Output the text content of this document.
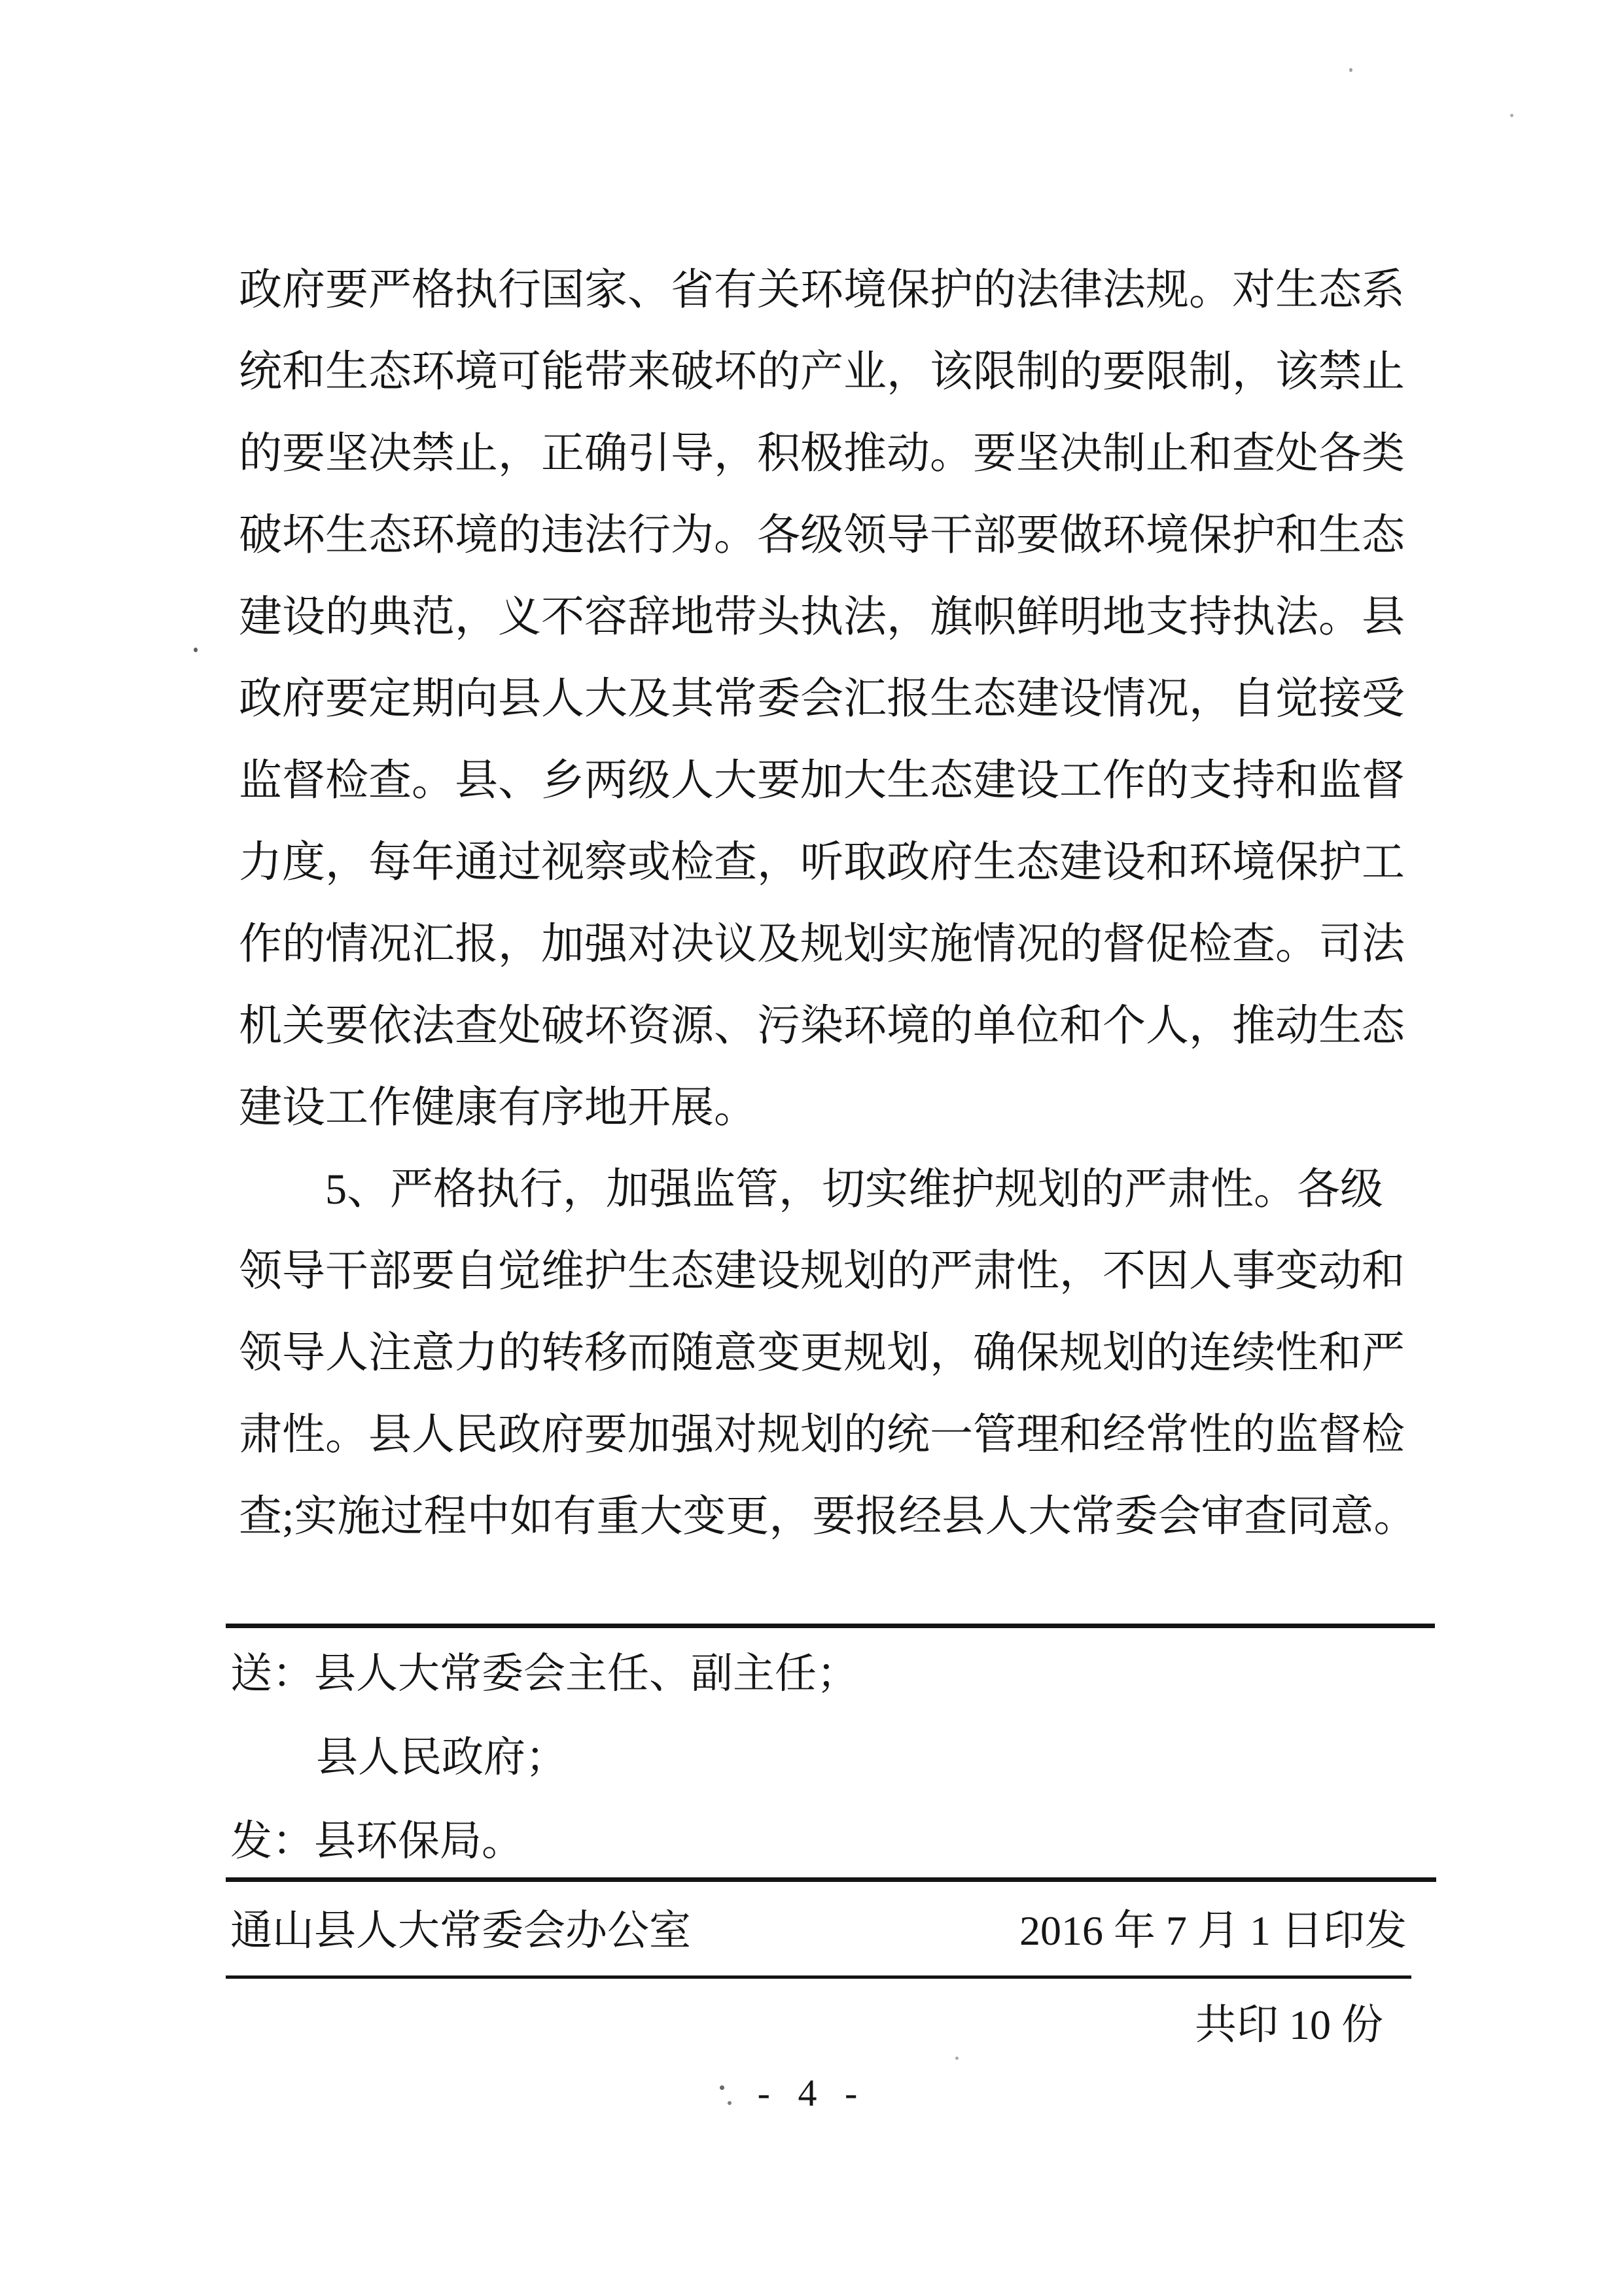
政府要严格执行国家、省有关环境保护的法律法规。对生态系
统和生态环境可能带来破坏的产业，该限制的要限制，该禁止
的要坚决禁止，正确引导，积极推动。要坚决制止和查处各类
破坏生态环境的违法行为。各级领导干部要做环境保护和生态
建设的典范，义不容辞地带头执法，旗帜鲜明地支持执法。县
政府要定期向县人大及其常委会汇报生态建设情况，自觉接受
监督检查。县、乡两级人大要加大生态建设工作的支持和监督
力度，每年通过视察或检查，听取政府生态建设和环境保护工
作的情况汇报，加强对决议及规划实施情况的督促检查。司法
机关要依法查处破坏资源、污染环境的单位和个人，推动生态
建设工作健康有序地开展。
5、严格执行，加强监管，切实维护规划的严肃性。各级
领导干部要自觉维护生态建设规划的严肃性，不因人事变动和
领导人注意力的转移而随意变更规划，确保规划的连续性和严
肃性。县人民政府要加强对规划的统一管理和经常性的监督检
查;实施过程中如有重大变更，要报经县人大常委会审查同意。
送：县人大常委会主任、副主任；
县人民政府；
发：县环保局。
通山县人大常委会办公室	2016 年 7 月 1 日印发
共印 10 份
- 4 -
